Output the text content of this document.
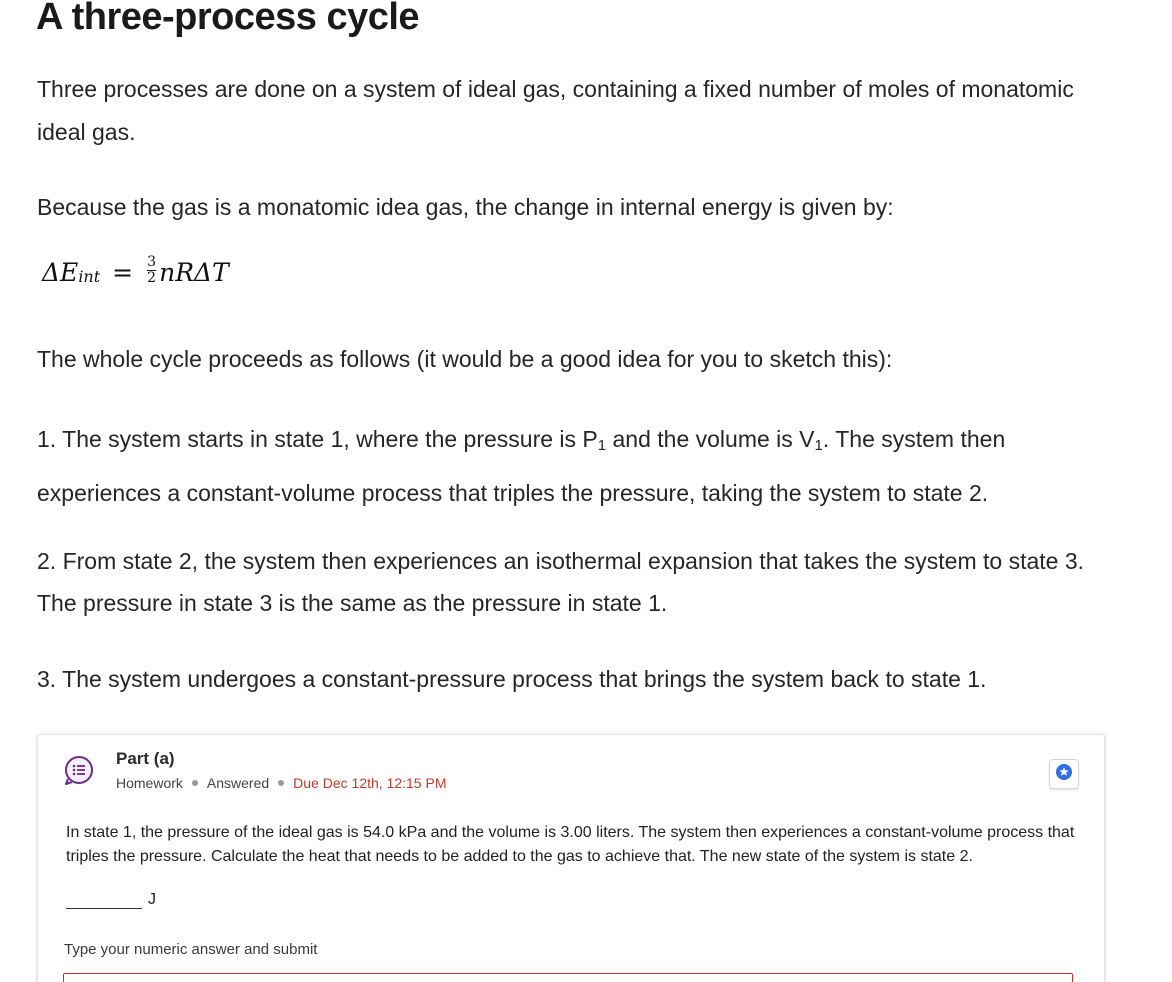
A three-process cycle

Three processes are done on a system of ideal gas, containing a fixed number of moles of monatomic ideal gas.

Because the gas is a monatomic idea gas, the change in internal energy is given by:

$\Delta E_{int} = \frac{3}{2}$ nRΔT

The whole cycle proceeds as follows (it would be a good idea for you to sketch this):

1. The system starts in state 1, where the pressure is $P_1$ and the volume is $V_1$. The system then experiences a constant-volume process that triples the pressure, taking the system to state 2.

2. From state 2, the system then experiences an isothermal expansion that takes the system to state 3. The pressure in state 3 is the same as the pressure in state 1.

3. The system undergoes a constant-pressure process that brings the system back to state 1.

Part (a)
Homework Answered Due Dec 12th, 12:15 PM

In state 1, the pressure of the ideal gas is 54.0 kPa and the volume is 3.00 liters. The system then experiences a constant-volume process that triples the pressure. Calculate the heat that needs to be added to the gas to achieve that. The new state of the system is state 2.

J
Type your numeric answer and submit
